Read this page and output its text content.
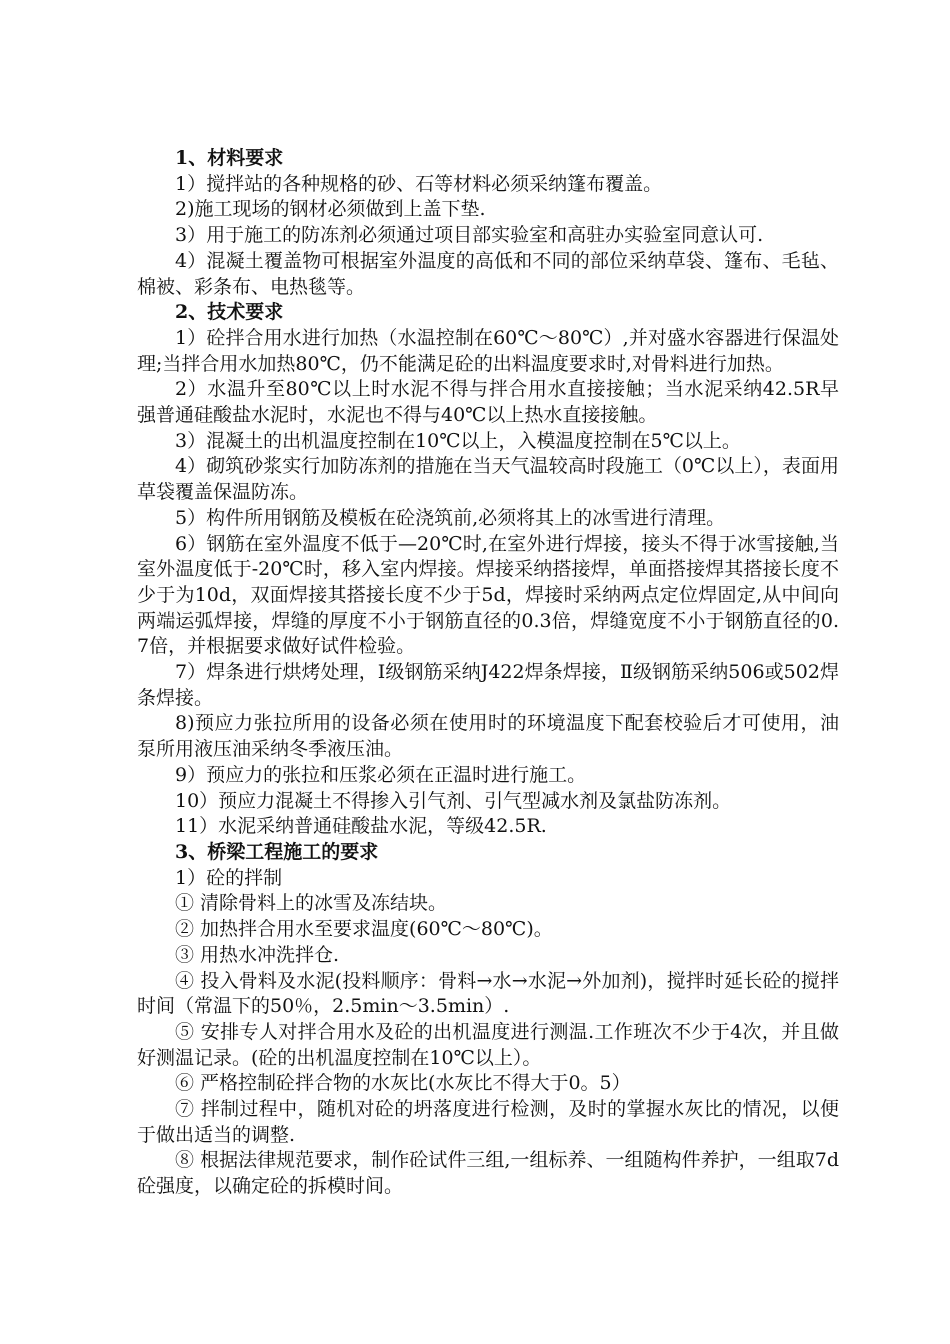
1、材料要求

1）搅拌站的各种规格的砂、石等材料必须采纳篷布覆盖。

2)施工现场的钢材必须做到上盖下垫.

3）用于施工的防冻剂必须通过项目部实验室和高驻办实验室同意认可.

4）混凝土覆盖物可根据室外温度的高低和不同的部位采纳草袋、篷布、毛毡、棉被、彩条布、电热毯等。

2、技术要求

1）砼拌合用水进行加热（水温控制在60℃～80℃）,并对盛水容器进行保温处理;当拌合用水加热80℃，仍不能满足砼的出料温度要求时,对骨料进行加热。

2）水温升至80℃以上时水泥不得与拌合用水直接接触；当水泥采纳42.5R早强普通硅酸盐水泥时，水泥也不得与40℃以上热水直接接触。

3）混凝土的出机温度控制在10℃以上，入模温度控制在5℃以上。

4）砌筑砂浆实行加防冻剂的措施在当天气温较高时段施工（0℃以上），表面用草袋覆盖保温防冻。

5）构件所用钢筋及模板在砼浇筑前,必须将其上的冰雪进行清理。

6）钢筋在室外温度不低于—20℃时,在室外进行焊接，接头不得于冰雪接触,当室外温度低于-20℃时，移入室内焊接。焊接采纳搭接焊，单面搭接焊其搭接长度不少于为10d，双面焊接其搭接长度不少于5d，焊接时采纳两点定位焊固定,从中间向两端运弧焊接，焊缝的厚度不小于钢筋直径的0.3倍，焊缝宽度不小于钢筋直径的0.7倍，并根据要求做好试件检验。

7）焊条进行烘烤处理，Ⅰ级钢筋采纳J422焊条焊接，Ⅱ级钢筋采纳506或502焊条焊接。

8)预应力张拉所用的设备必须在使用时的环境温度下配套校验后才可使用，油泵所用液压油采纳冬季液压油。

9）预应力的张拉和压浆必须在正温时进行施工。

10）预应力混凝土不得掺入引气剂、引气型减水剂及氯盐防冻剂。

11）水泥采纳普通硅酸盐水泥，等级42.5R.

3、桥梁工程施工的要求

1）砼的拌制

① 清除骨料上的冰雪及冻结块。

② 加热拌合用水至要求温度(60℃～80℃)。

③ 用热水冲洗拌仓.

④ 投入骨料及水泥(投料顺序：骨料→水→水泥→外加剂)，搅拌时延长砼的搅拌时间（常温下的50％，2.5min～3.5min）.

⑤ 安排专人对拌合用水及砼的出机温度进行测温.工作班次不少于4次，并且做好测温记录。(砼的出机温度控制在10℃以上）。

⑥ 严格控制砼拌合物的水灰比(水灰比不得大于0。5）

⑦ 拌制过程中，随机对砼的坍落度进行检测，及时的掌握水灰比的情况，以便于做出适当的调整.

⑧ 根据法律规范要求，制作砼试件三组,一组标养、一组随构件养护，一组取7d砼强度，以确定砼的拆模时间。
